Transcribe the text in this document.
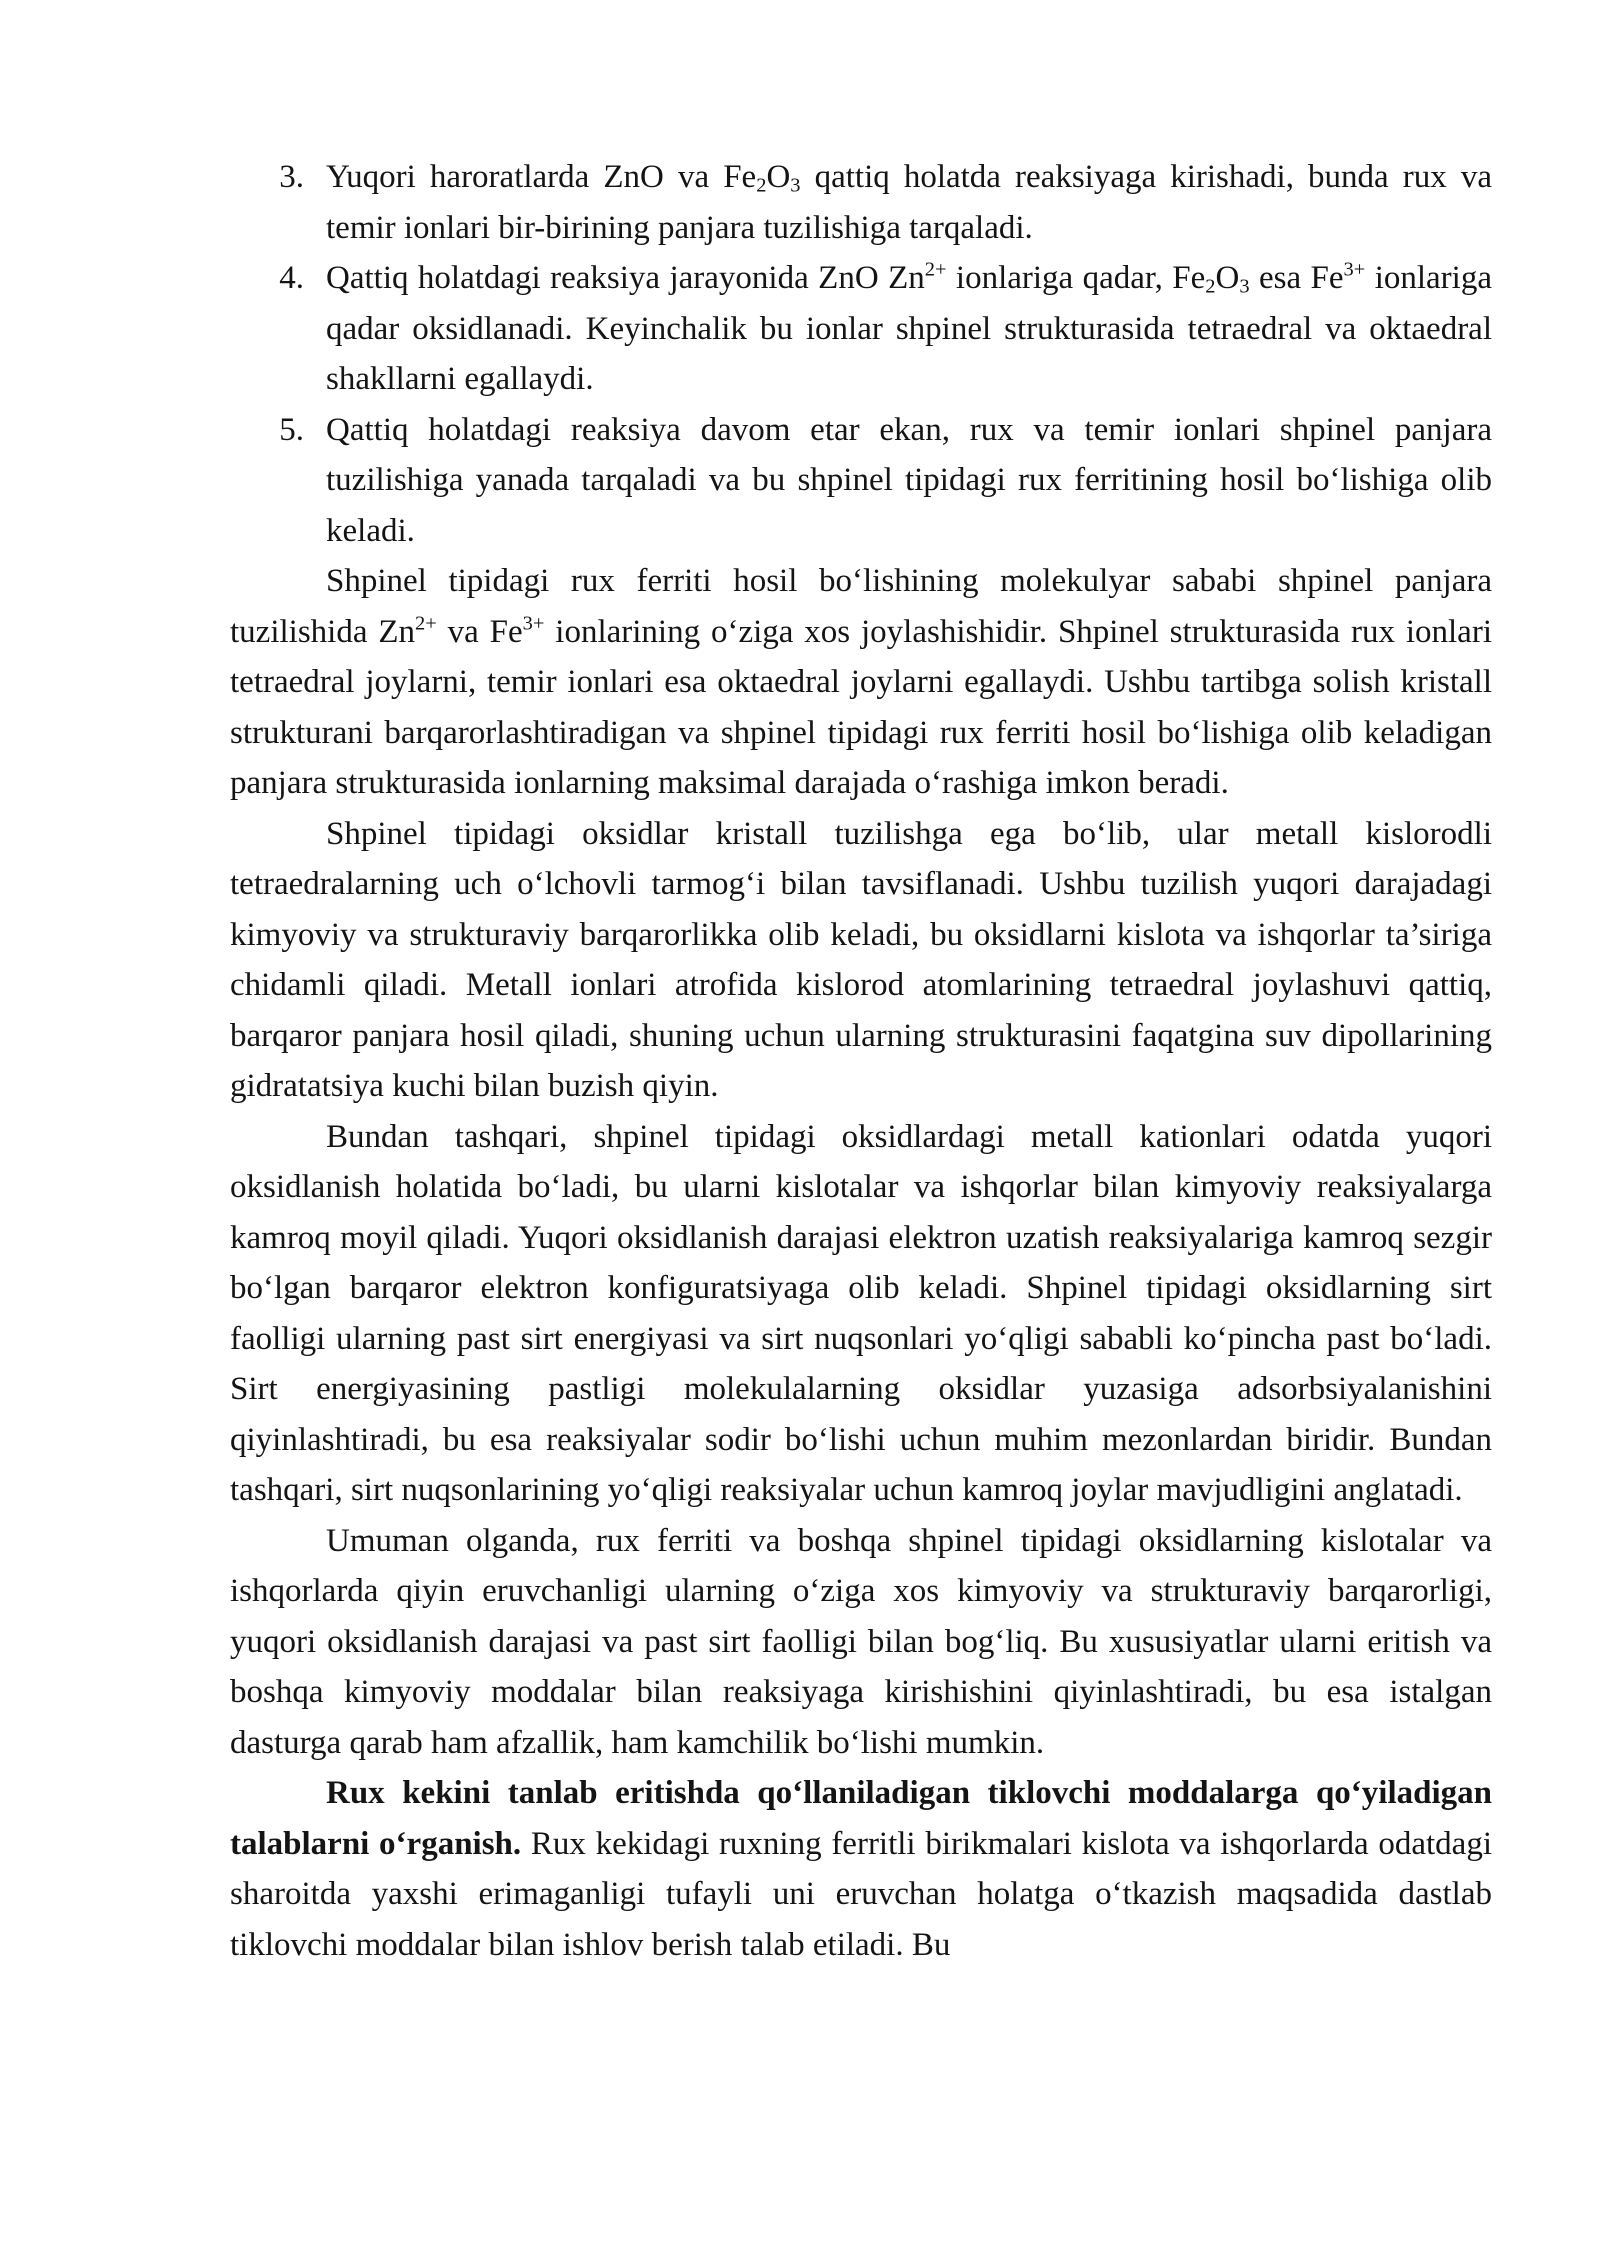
3. Yuqori haroratlarda ZnO va $Fe_2O_3$ qattiq holatda reaksiyaga kirishadi, bunda rux va temir ionlari bir-birining panjara tuzilishiga tarqaladi.
4. Qattiq holatdagi reaksiya jarayonida ZnO $Zn^{2+}$ ionlariga qadar, $Fe_2O_3$ esa $Fe^{3+}$ ionlariga qadar oksidlanadi. Keyinchalik bu ionlar shpinel strukturasida tetraedral va oktaedral shakllarni egallaydi.
5. Qattiq holatdagi reaksiya davom etar ekan, rux va temir ionlari shpinel panjara tuzilishiga yanada tarqaladi va bu shpinel tipidagi rux ferritining hosil bo‘lishiga olib keladi.

Shpinel tipidagi rux ferriti hosil bo‘lishining molekulyar sababi shpinel panjara tuzilishida $Zn^{2+}$ va $Fe^{3+}$ ionlarining o‘ziga xos joylashishidir. Shpinel strukturasida rux ionlari tetraedral joylarni, temir ionlari esa oktaedral joylarni egallaydi. Ushbu tartibga solish kristall strukturani barqarorlashtiradigan va shpinel tipidagi rux ferriti hosil bo‘lishiga olib keladigan panjara strukturasida ionlarning maksimal darajada o‘rashiga imkon beradi.

Shpinel tipidagi oksidlar kristall tuzilishga ega bo‘lib, ular metall kislorodli tetraedralarning uch o‘lchovli tarmog‘i bilan tavsiflanadi. Ushbu tuzilish yuqori darajadagi kimyoviy va strukturaviy barqarorlikka olib keladi, bu oksidlarni kislota va ishqorlar ta’siriga chidamli qiladi. Metall ionlari atrofida kislorod atomlarining tetraedral joylashuvi qattiq, barqaror panjara hosil qiladi, shuning uchun ularning strukturasini faqatgina suv dipollarining gidratatsiya kuchi bilan buzish qiyin.

Bundan tashqari, shpinel tipidagi oksidlardagi metall kationlari odatda yuqori oksidlanish holatida bo‘ladi, bu ularni kislotalar va ishqorlar bilan kimyoviy reaksiyalarga kamroq moyil qiladi. Yuqori oksidlanish darajasi elektron uzatish reaksiyalariga kamroq sezgir bo‘lgan barqaror elektron konfiguratsiyaga olib keladi. Shpinel tipidagi oksidlarning sirt faolligi ularning past sirt energiyasi va sirt nuqsonlari yo‘qligi sababli ko‘pincha past bo‘ladi. Sirt energiyasining pastligi molekulalarning oksidlar yuzasiga adsorbsiyalanishini qiyinlashtiradi, bu esa reaksiyalar sodir bo‘lishi uchun muhim mezonlardan biridir. Bundan tashqari, sirt nuqsonlarining yo‘qligi reaksiyalar uchun kamroq joylar mavjudligini anglatadi.

Umuman olganda, rux ferriti va boshqa shpinel tipidagi oksidlarning kislotalar va ishqorlarda qiyin eruvchanligi ularning o‘ziga xos kimyoviy va strukturaviy barqarorligi, yuqori oksidlanish darajasi va past sirt faolligi bilan bog‘liq. Bu xususiyatlar ularni eritish va boshqa kimyoviy moddalar bilan reaksiyaga kirishishini qiyinlashtiradi, bu esa istalgan dasturga qarab ham afzallik, ham kamchilik bo‘lishi mumkin.

Rux kekini tanlab eritishda qo‘llaniladigan tiklovchi moddalarga qo‘yiladigan talablarni o‘rganish. Rux kekidagi ruxning ferritli birikmalari kislota va ishqorlarda odatdagi sharoitda yaxshi erimaganligi tufayli uni eruvchan holatga o‘tkazish maqsadida dastlab tiklovchi moddalar bilan ishlov berish talab etiladi. Bu
